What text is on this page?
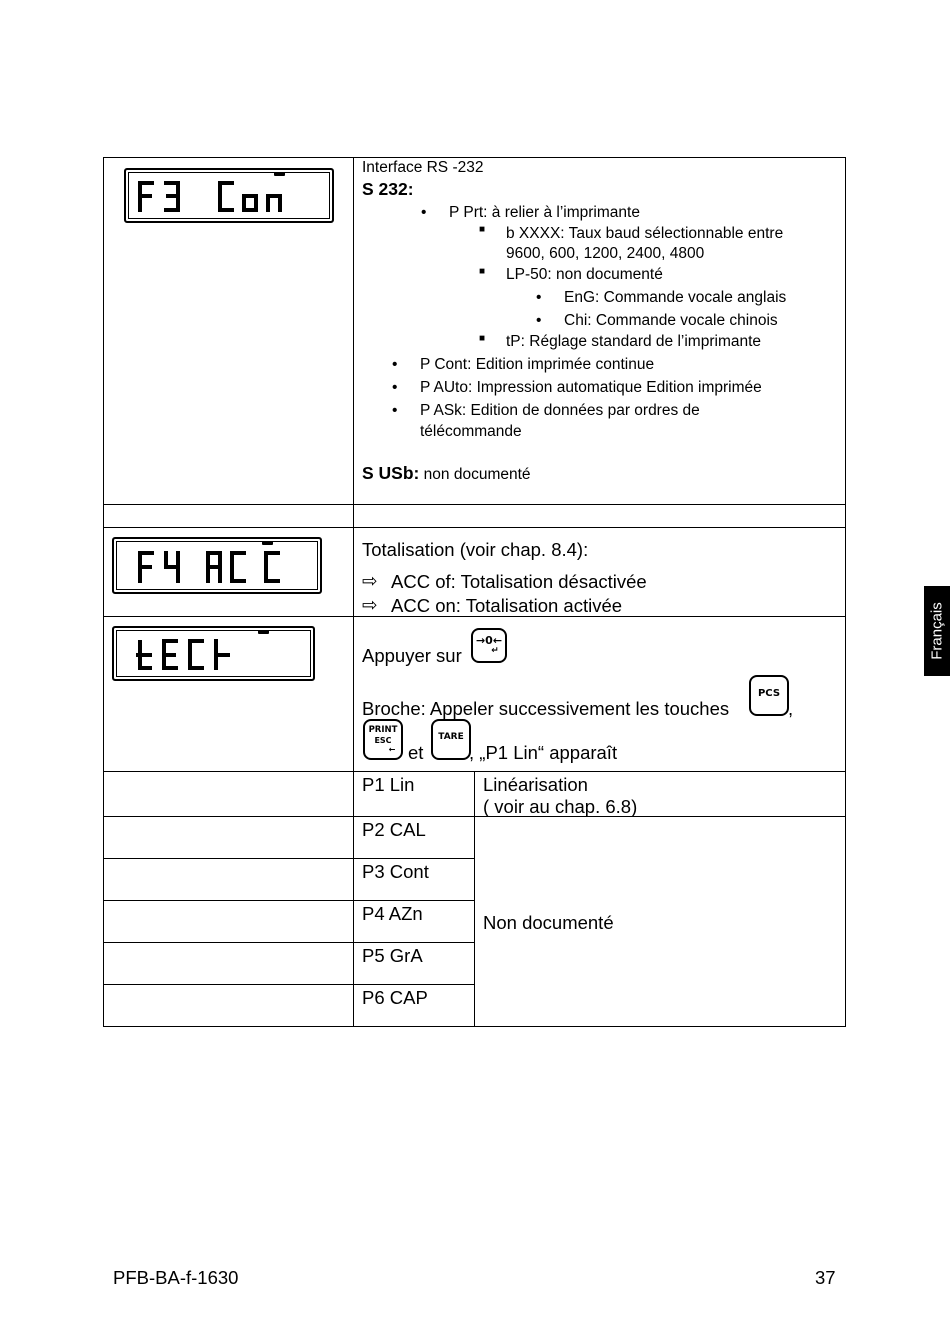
Interface RS -232
S 232:
• P Prt: à relier à l’imprimante
■ b XXXX: Taux baud sélectionnable entre
9600, 600, 1200, 2400, 4800
■ LP-50: non documenté
• EnG: Commande vocale anglais
• Chi: Commande vocale chinois
■ tP: Réglage standard de l’imprimante
• P Cont: Edition imprimée continue
• P AUto: Impression automatique Edition imprimée
• P ASk: Edition de données par ordres de
télécommande
S USb: non documenté
Totalisation (voir chap. 8.4):
⇨ ACC of: Totalisation désactivée
⇨ ACC on: Totalisation activée
Appuyer sur
→0←
↵
Broche: Appeler successivement les touches
PCS
,
PRINT
ESC
← et
TARE
, „P1 Lin“ apparaît
P1 Lin	Linéarisation
( voir au chap. 6.8)
P2 CAL
P3 Cont
P4 AZn
P5 GrA
P6 CAP
Non documenté
Français
PFB-BA-f-1630	37
